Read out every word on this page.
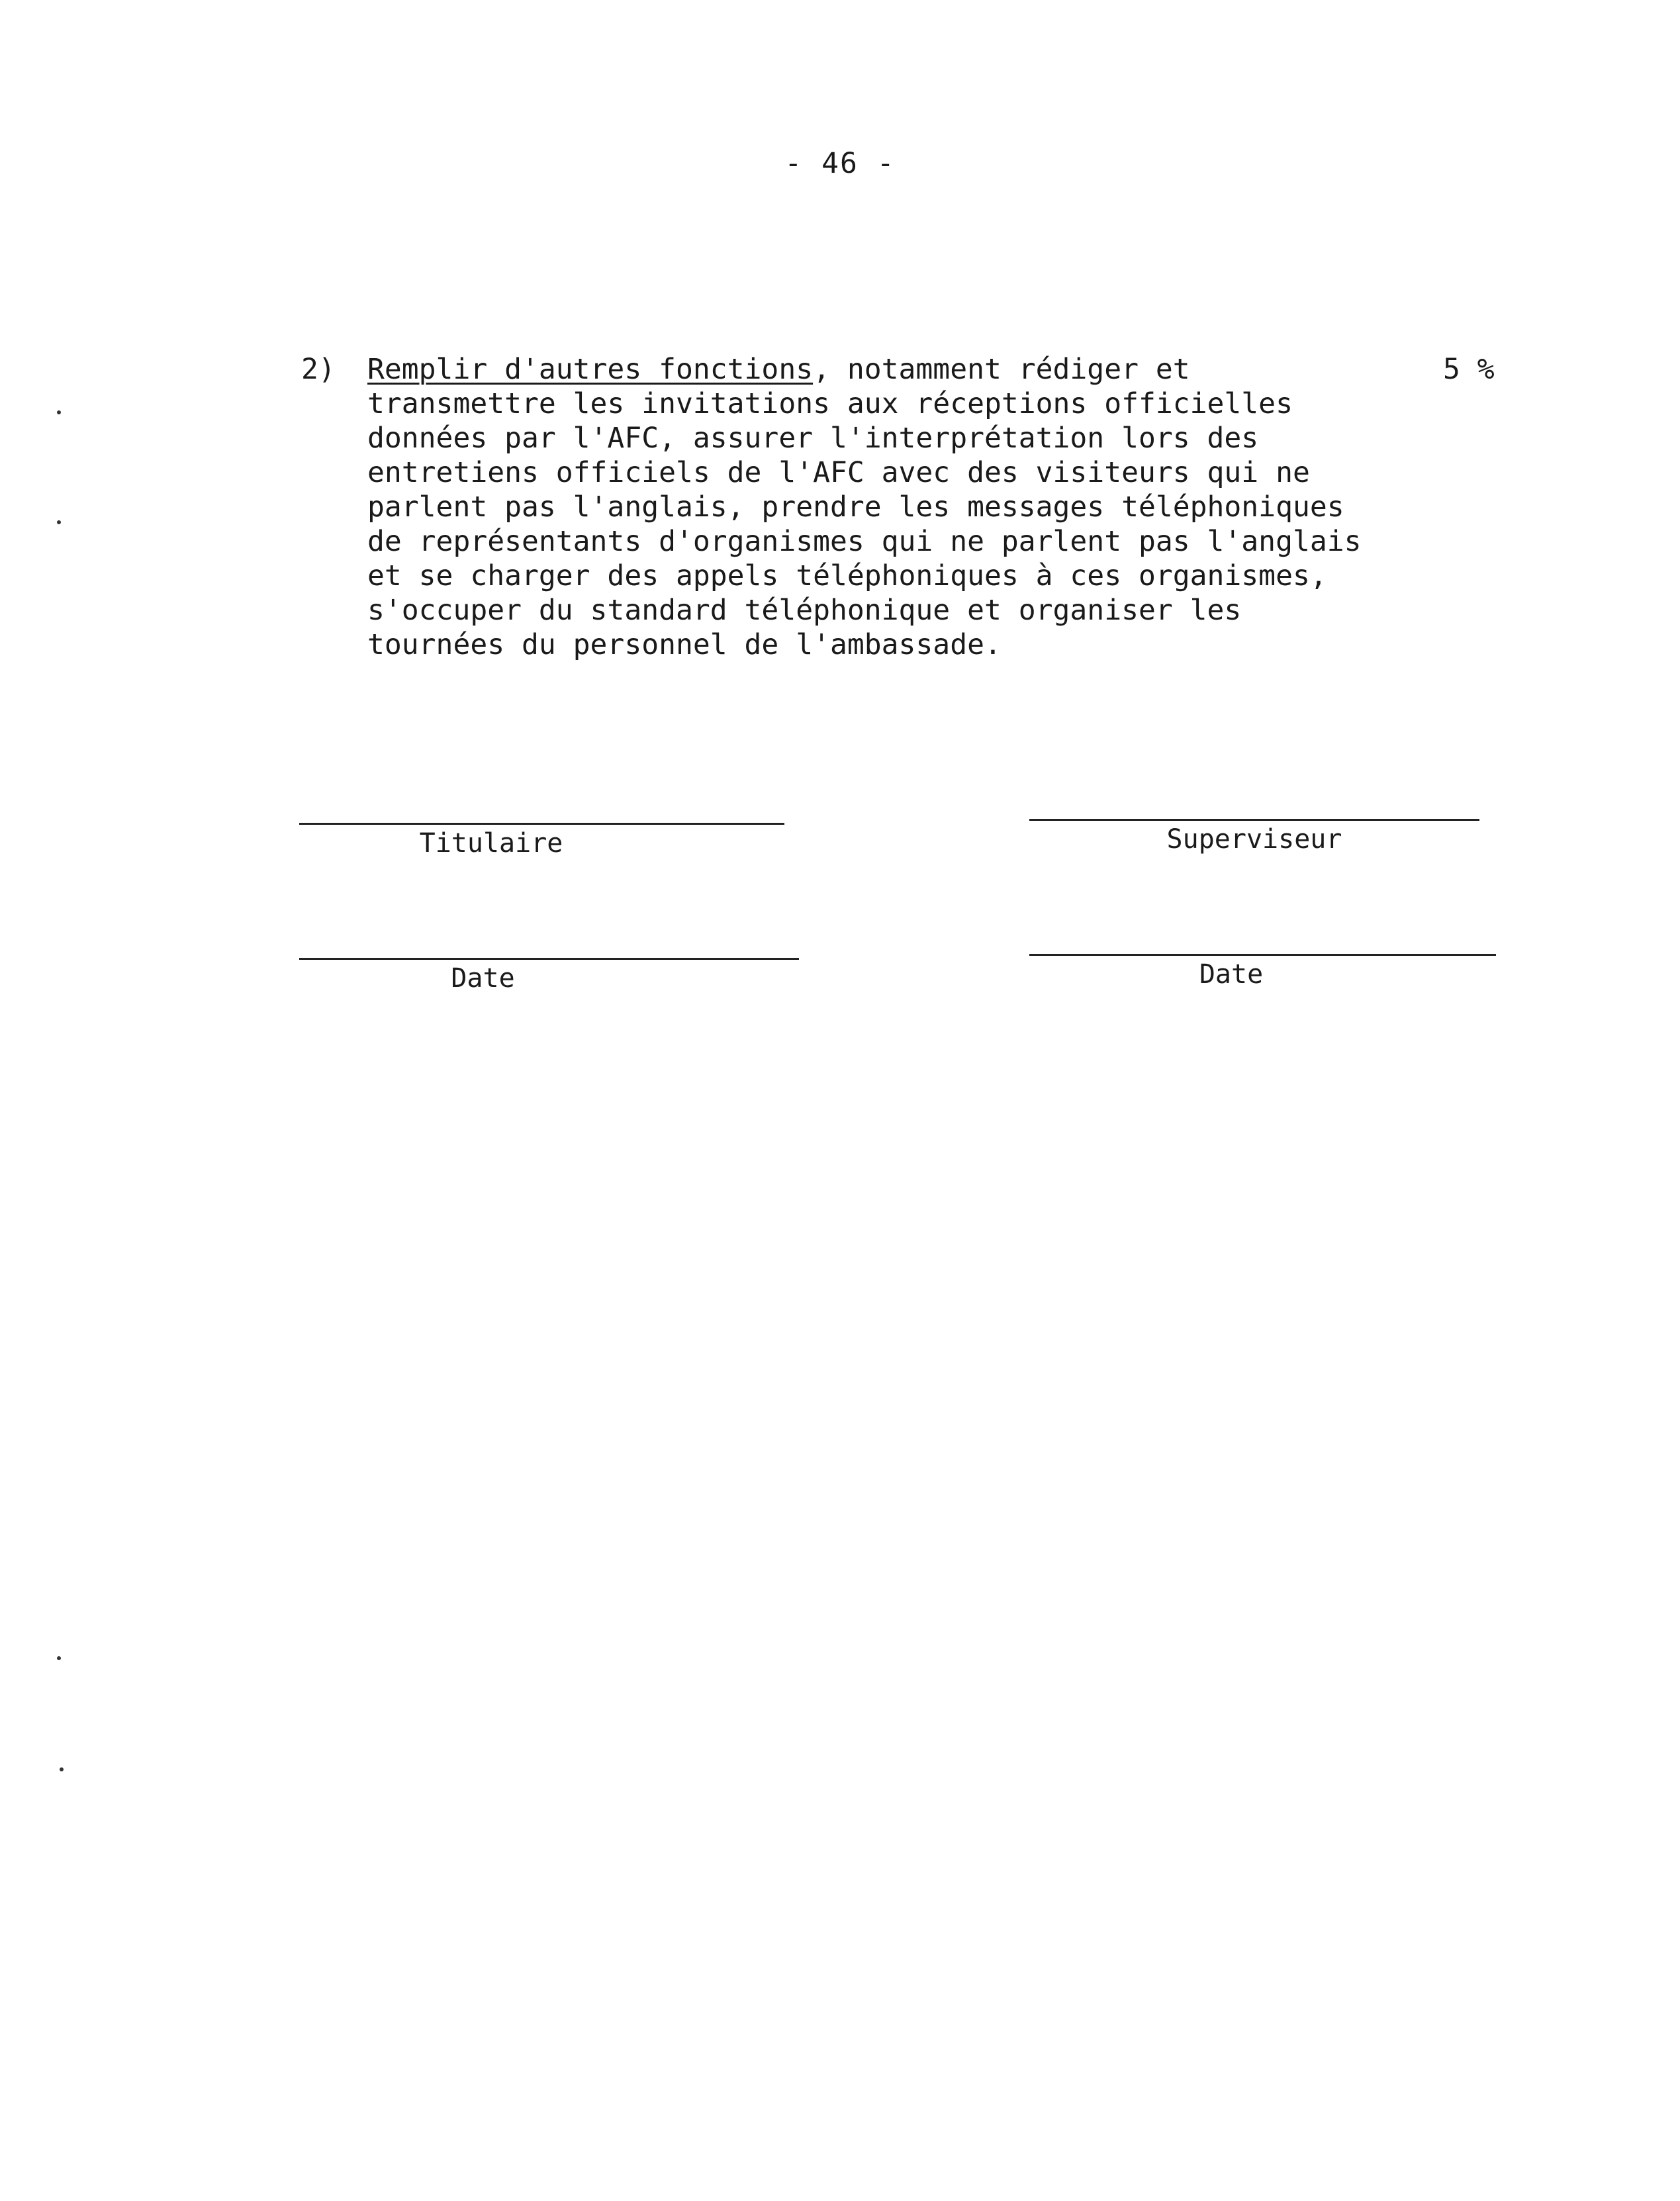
- 46 -
2) Remplir d'autres fonctions, notamment rédiger et
transmettre les invitations aux réceptions officielles
données par l'AFC, assurer l'interprétation lors des
entretiens officiels de l'AFC avec des visiteurs qui ne
parlent pas l'anglais, prendre les messages téléphoniques
de représentants d'organismes qui ne parlent pas l'anglais
et se charger des appels téléphoniques à ces organismes,
s'occuper du standard téléphonique et organiser les
tournées du personnel de l'ambassade.
5 %
Titulaire	Superviseur
Date	Date
